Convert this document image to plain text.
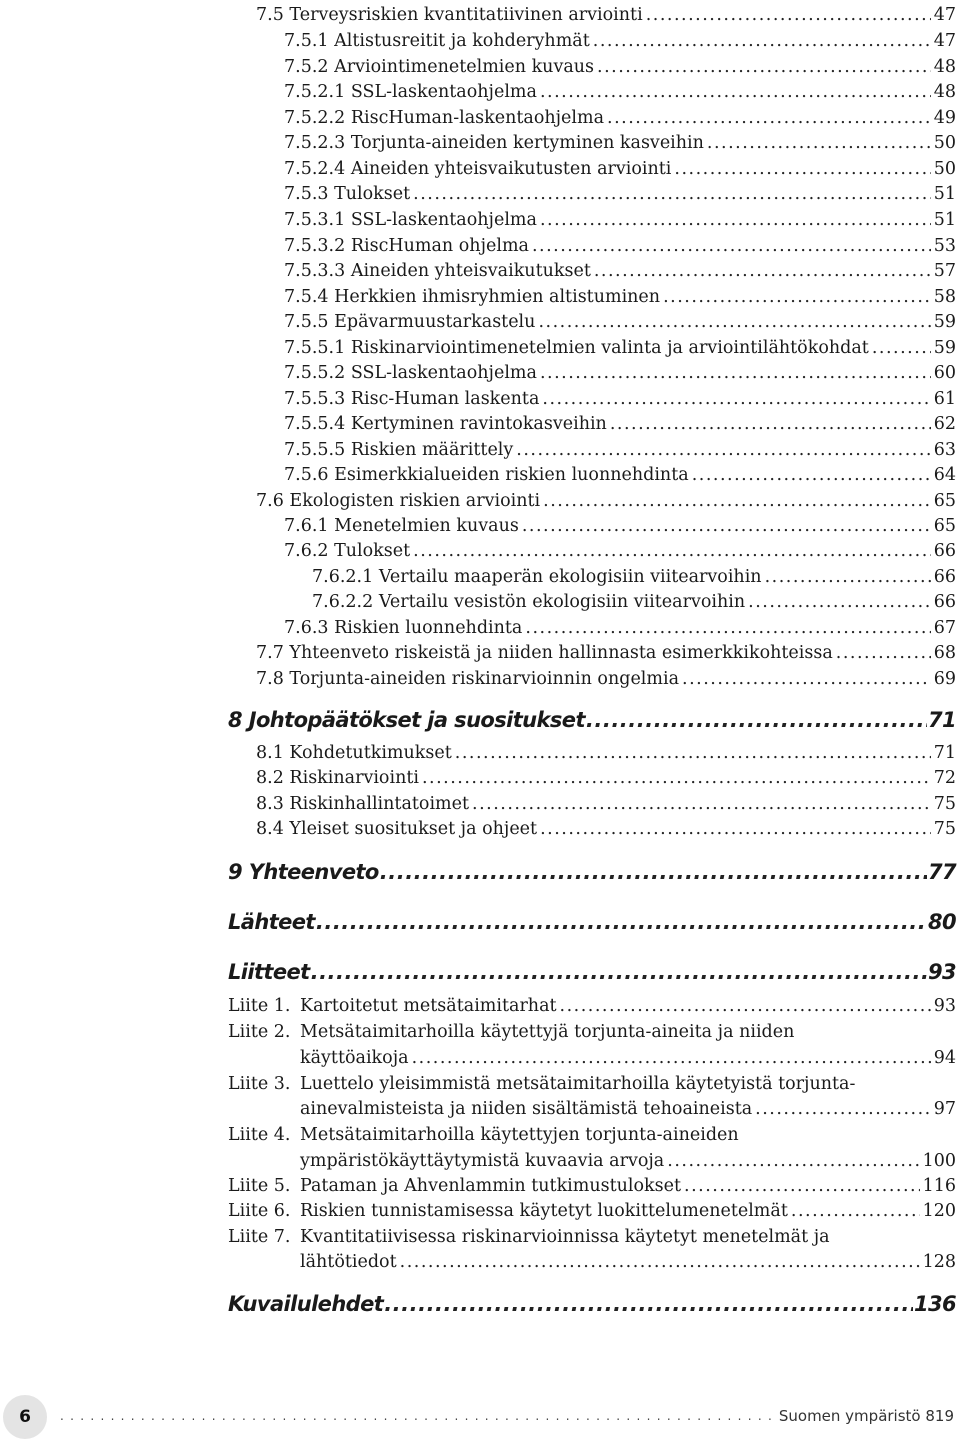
7.5 Terveysriskien kvantitatiivinen arviointi .....	47
7.5.1 Altistusreitit ja kohderyhmät .....	47
7.5.2 Arviointimenetelmien kuvaus .....	48
7.5.2.1 SSL-laskentaohjelma .....	48
7.5.2.2 RiscHuman-laskentaohjelma .....	49
7.5.2.3 Torjunta-aineiden kertyminen kasveihin .....	50
7.5.2.4 Aineiden yhteisvaikutusten arviointi .....	50
7.5.3 Tulokset .....	51
7.5.3.1 SSL-laskentaohjelma .....	51
7.5.3.2 RiscHuman ohjelma .....	53
7.5.3.3 Aineiden yhteisvaikutukset .....	57
7.5.4 Herkkien ihmisryhmien altistuminen .....	58
7.5.5 Epävarmuustarkastelu .....	59
7.5.5.1 Riskinarviointimenetelmien valinta ja arviointilähtökohdat .....	59
7.5.5.2 SSL-laskentaohjelma .....	60
7.5.5.3 Risc-Human laskenta .....	61
7.5.5.4 Kertyminen ravintokasveihin .....	62
7.5.5.5 Riskien määrittely .....	63
7.5.6 Esimerkkialueiden riskien luonnehdinta .....	64
7.6 Ekologisten riskien arviointi .....	65
7.6.1 Menetelmien kuvaus .....	65
7.6.2 Tulokset .....	66
7.6.2.1 Vertailu maaperän ekologisiin viitearvoihin .....	66
7.6.2.2 Vertailu vesistön ekologisiin viitearvoihin .....	66
7.6.3 Riskien luonnehdinta .....	67
7.7 Yhteenveto riskeistä ja niiden hallinnasta esimerkkikohteissa .....	68
7.8 Torjunta-aineiden riskinarvioinnin ongelmia .....	69
8 Johtopäätökset ja suositukset .....	71
8.1 Kohdetutkimukset .....	71
8.2 Riskinarviointi .....	72
8.3 Riskinhallintatoimet .....	75
8.4 Yleiset suositukset ja ohjeet .....	75
9 Yhteenveto .....	77
Lähteet .....	80
Liitteet .....	93
Liite 1. Kartoitetut metsätaimitarhat .....	93
Liite 2. Metsätaimitarhoilla käytettyjä torjunta-aineita ja niiden
käyttöaikoja .....	94
Liite 3. Luettelo yleisimmistä metsätaimitarhoilla käytetyistä torjunta-
ainevalmisteista ja niiden sisältämistä tehoaineista .....	97
Liite 4. Metsätaimitarhoilla käytettyjen torjunta-aineiden
ympäristökäyttäytymistä kuvaavia arvoja .....	100
Liite 5. Pataman ja Ahvenlammin tutkimustulokset .....	116
Liite 6. Riskien tunnistamisessa käytetyt luokittelumenetelmät .....	120
Liite 7. Kvantitatiivisessa riskinarvioinnissa käytetyt menetelmät ja
lähtötiedot .....	128
Kuvailulehdet .....	136
6 .....	Suomen ympäristö 819
